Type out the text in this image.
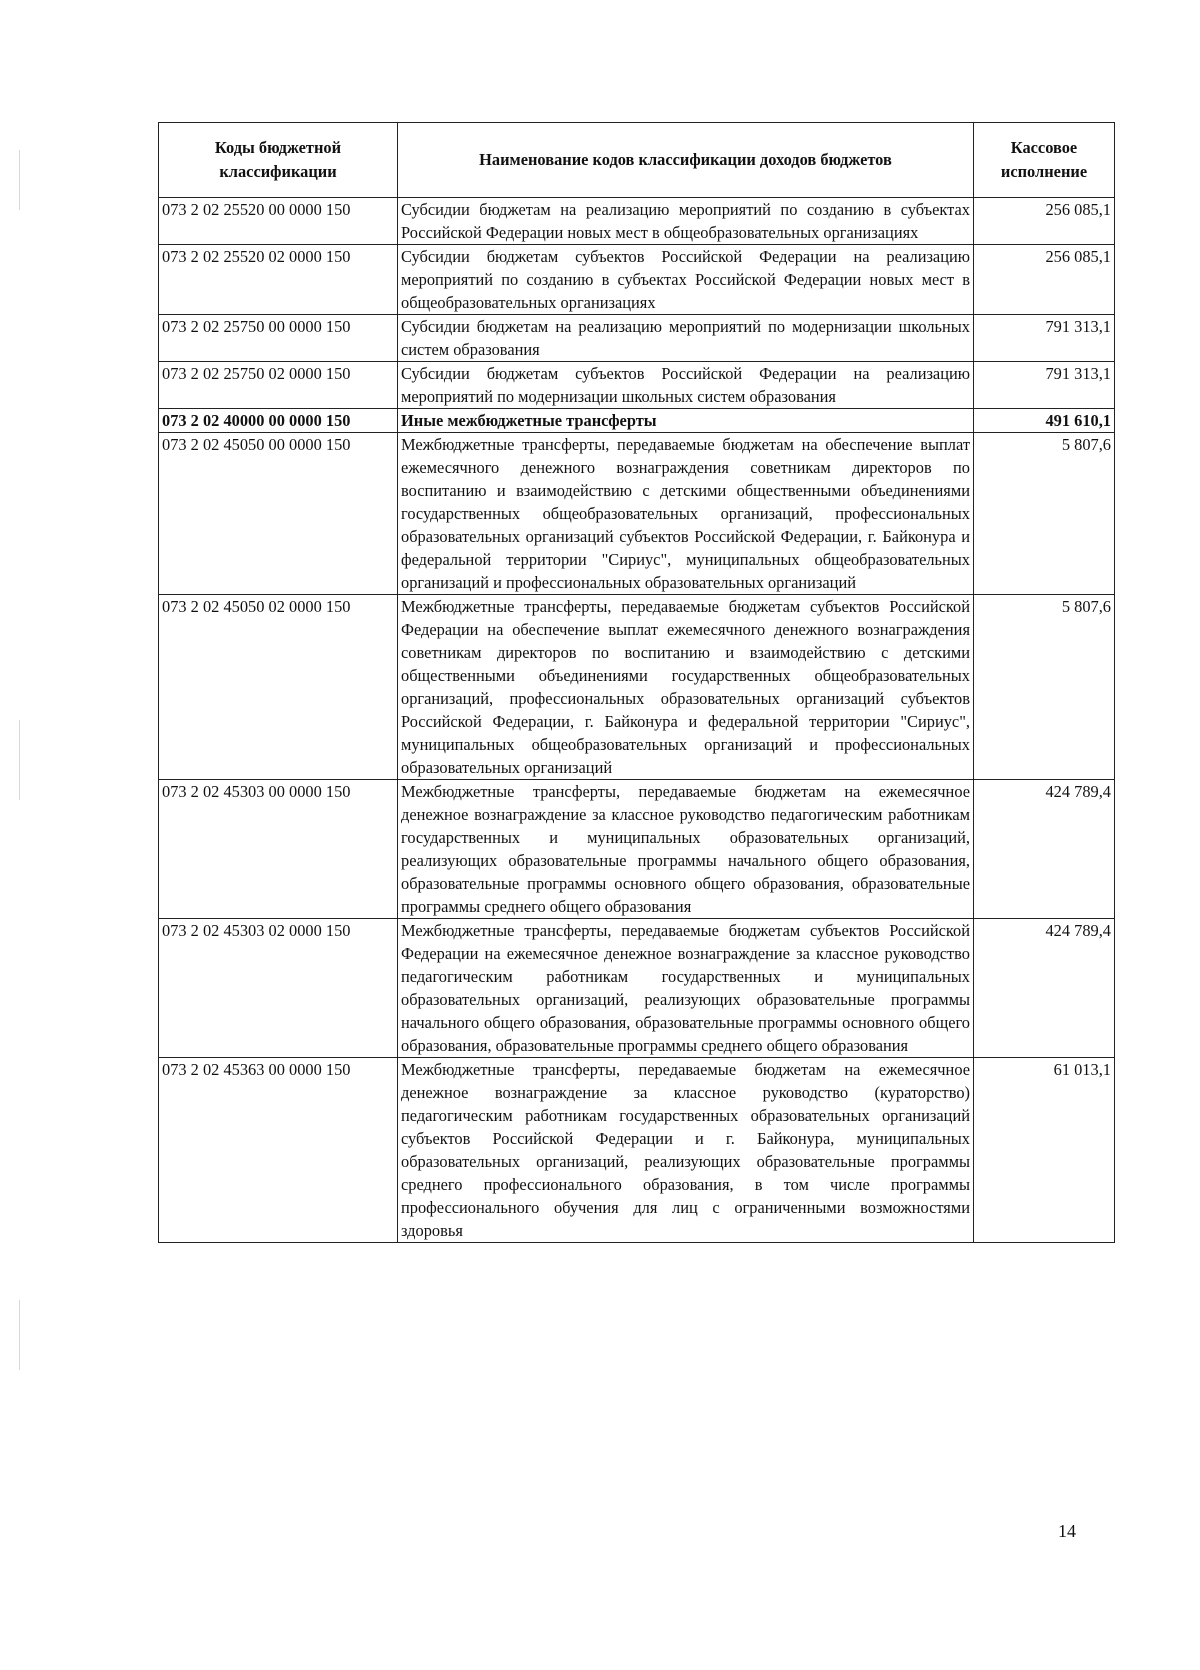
Коды бюджетной классификации	Наименование кодов классификации доходов бюджетов	Кассовое исполнение
073 2 02 25520 00 0000 150	Субсидии бюджетам на реализацию мероприятий по созданию в субъектах Российской Федерации новых мест в общеобразовательных организациях	256 085,1
073 2 02 25520 02 0000 150	Субсидии бюджетам субъектов Российской Федерации на реализацию мероприятий по созданию в субъектах Российской Федерации новых мест в общеобразовательных организациях	256 085,1
073 2 02 25750 00 0000 150	Субсидии бюджетам на реализацию мероприятий по модернизации школьных систем образования	791 313,1
073 2 02 25750 02 0000 150	Субсидии бюджетам субъектов Российской Федерации на реализацию мероприятий по модернизации школьных систем образования	791 313,1
073 2 02 40000 00 0000 150	Иные межбюджетные трансферты	491 610,1
073 2 02 45050 00 0000 150	Межбюджетные трансферты, передаваемые бюджетам на обеспечение выплат ежемесячного денежного вознаграждения советникам директоров по воспитанию и взаимодействию с детскими общественными объединениями государственных общеобразовательных организаций, профессиональных образовательных организаций субъектов Российской Федерации, г. Байконура и федеральной территории "Сириус", муниципальных общеобразовательных организаций и профессиональных образовательных организаций	5 807,6
073 2 02 45050 02 0000 150	Межбюджетные трансферты, передаваемые бюджетам субъектов Российской Федерации на обеспечение выплат ежемесячного денежного вознаграждения советникам директоров по воспитанию и взаимодействию с детскими общественными объединениями государственных общеобразовательных организаций, профессиональных образовательных организаций субъектов Российской Федерации, г. Байконура и федеральной территории "Сириус", муниципальных общеобразовательных организаций и профессиональных образовательных организаций	5 807,6
073 2 02 45303 00 0000 150	Межбюджетные трансферты, передаваемые бюджетам на ежемесячное денежное вознаграждение за классное руководство педагогическим работникам государственных и муниципальных образовательных организаций, реализующих образовательные программы начального общего образования, образовательные программы основного общего образования, образовательные программы среднего общего образования	424 789,4
073 2 02 45303 02 0000 150	Межбюджетные трансферты, передаваемые бюджетам субъектов Российской Федерации на ежемесячное денежное вознаграждение за классное руководство педагогическим работникам государственных и муниципальных образовательных организаций, реализующих образовательные программы начального общего образования, образовательные программы основного общего образования, образовательные программы среднего общего образования	424 789,4
073 2 02 45363 00 0000 150	Межбюджетные трансферты, передаваемые бюджетам на ежемесячное денежное вознаграждение за классное руководство (кураторство) педагогическим работникам государственных образовательных организаций субъектов Российской Федерации и г. Байконура, муниципальных образовательных организаций, реализующих образовательные программы среднего профессионального образования, в том числе программы профессионального обучения для лиц с ограниченными возможностями здоровья	61 013,1
14
